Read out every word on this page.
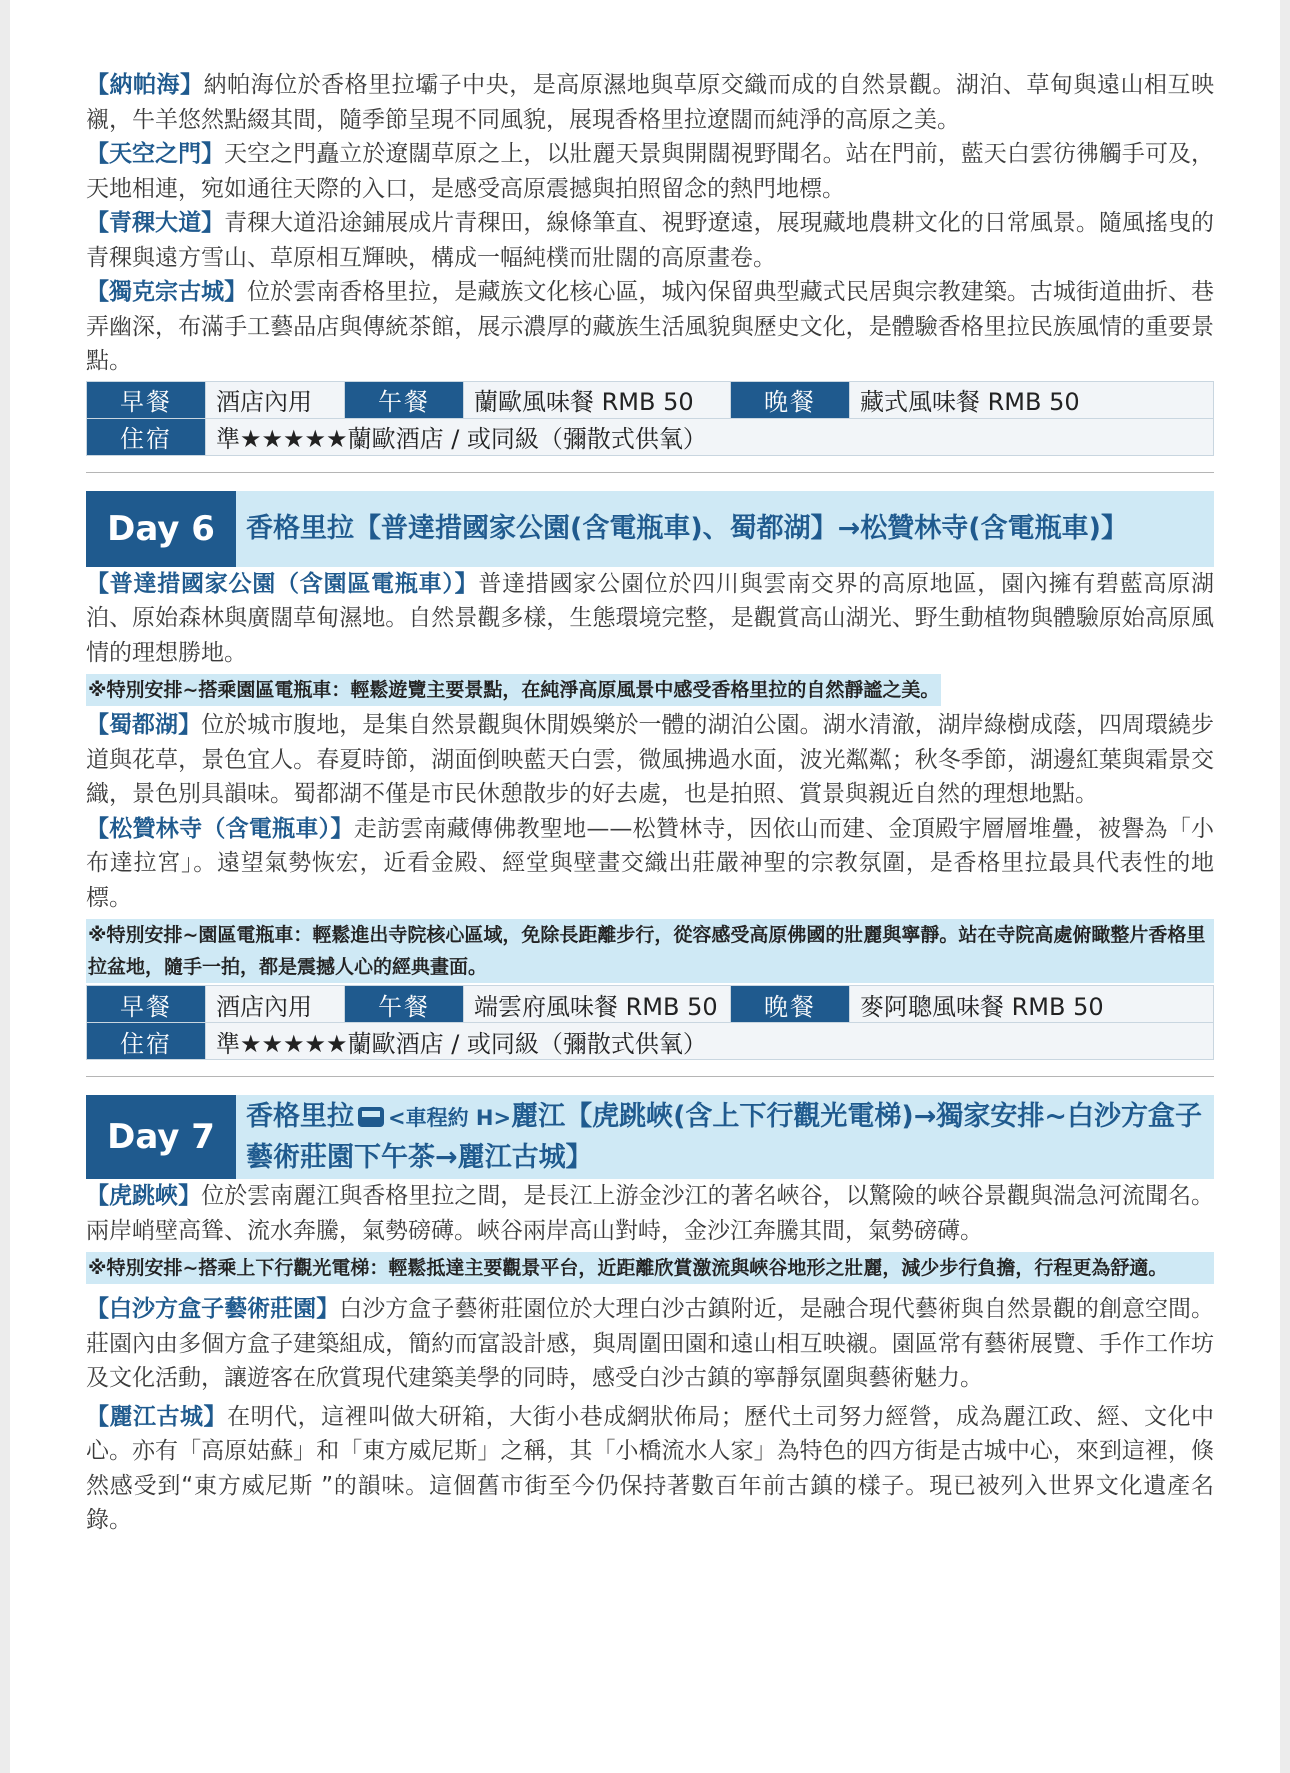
【納帕海】納帕海位於香格里拉壩子中央，是高原濕地與草原交織而成的自然景觀。湖泊、草甸與遠山相互映襯，牛羊悠然點綴其間，隨季節呈現不同風貌，展現香格里拉遼闊而純淨的高原之美。

【天空之門】天空之門矗立於遼闊草原之上，以壯麗天景與開闊視野聞名。站在門前，藍天白雲彷彿觸手可及，天地相連，宛如通往天際的入口，是感受高原震撼與拍照留念的熱門地標。

【青稞大道】青稞大道沿途鋪展成片青稞田，線條筆直、視野遼遠，展現藏地農耕文化的日常風景。隨風搖曳的青稞與遠方雪山、草原相互輝映，構成一幅純樸而壯闊的高原畫卷。

【獨克宗古城】位於雲南香格里拉，是藏族文化核心區，城內保留典型藏式民居與宗教建築。古城街道曲折、巷弄幽深，布滿手工藝品店與傳統茶館，展示濃厚的藏族生活風貌與歷史文化，是體驗香格里拉民族風情的重要景點。

早餐	酒店內用	午餐	蘭歐風味餐 RMB 50	晚餐	藏式風味餐 RMB 50
住宿	準★★★★★蘭歐酒店 / 或同級（彌散式供氧）				
Day 6	香格里拉【普達措國家公園(含電瓶車)、蜀都湖】→松贊林寺(含電瓶車)】

【普達措國家公園（含園區電瓶車）】普達措國家公園位於四川與雲南交界的高原地區，園內擁有碧藍高原湖泊、原始森林與廣闊草甸濕地。自然景觀多樣，生態環境完整，是觀賞高山湖光、野生動植物與體驗原始高原風情的理想勝地。

※特別安排~搭乘園區電瓶車：輕鬆遊覽主要景點，在純淨高原風景中感受香格里拉的自然靜謐之美。

【蜀都湖】位於城市腹地，是集自然景觀與休閒娛樂於一體的湖泊公園。湖水清澈，湖岸綠樹成蔭，四周環繞步道與花草，景色宜人。春夏時節，湖面倒映藍天白雲，微風拂過水面，波光粼粼；秋冬季節，湖邊紅葉與霜景交織，景色別具韻味。蜀都湖不僅是市民休憩散步的好去處，也是拍照、賞景與親近自然的理想地點。

【松贊林寺（含電瓶車）】走訪雲南藏傳佛教聖地——松贊林寺，因依山而建、金頂殿宇層層堆疊，被譽為「小布達拉宮」。遠望氣勢恢宏，近看金殿、經堂與壁畫交織出莊嚴神聖的宗教氛圍，是香格里拉最具代表性的地標。

※特別安排~園區電瓶車：輕鬆進出寺院核心區域，免除長距離步行，從容感受高原佛國的壯麗與寧靜。站在寺院高處俯瞰整片香格里拉盆地，隨手一拍，都是震撼人心的經典畫面。
早餐	酒店內用	午餐	端雲府風味餐 RMB 50	晚餐	麥阿聰風味餐 RMB 50
住宿	準★★★★★蘭歐酒店 / 或同級（彌散式供氧）				
Day 7
香格里拉 <車程約 H>麗江【虎跳峽(含上下行觀光電梯)→獨家安排~白沙方盒子藝術莊園下午茶→麗江古城】

【虎跳峽】位於雲南麗江與香格里拉之間，是長江上游金沙江的著名峽谷，以驚險的峽谷景觀與湍急河流聞名。兩岸峭壁高聳、流水奔騰，氣勢磅礡。峽谷兩岸高山對峙，金沙江奔騰其間，氣勢磅礡。

※特別安排~搭乘上下行觀光電梯：輕鬆抵達主要觀景平台，近距離欣賞激流與峽谷地形之壯麗，減少步行負擔，行程更為舒適。

【白沙方盒子藝術莊園】白沙方盒子藝術莊園位於大理白沙古鎮附近，是融合現代藝術與自然景觀的創意空間。莊園內由多個方盒子建築組成，簡約而富設計感，與周圍田園和遠山相互映襯。園區常有藝術展覽、手作工作坊及文化活動，讓遊客在欣賞現代建築美學的同時，感受白沙古鎮的寧靜氛圍與藝術魅力。

【麗江古城】在明代，這裡叫做大研箱，大街小巷成網狀佈局；歷代土司努力經營，成為麗江政、經、文化中心。亦有「高原姑蘇」和「東方威尼斯」之稱，其「小橋流水人家」為特色的四方街是古城中心，來到這裡，倏然感受到“東方威尼斯 ”的韻味。這個舊市街至今仍保持著數百年前古鎮的樣子。現已被列入世界文化遺產名錄。
